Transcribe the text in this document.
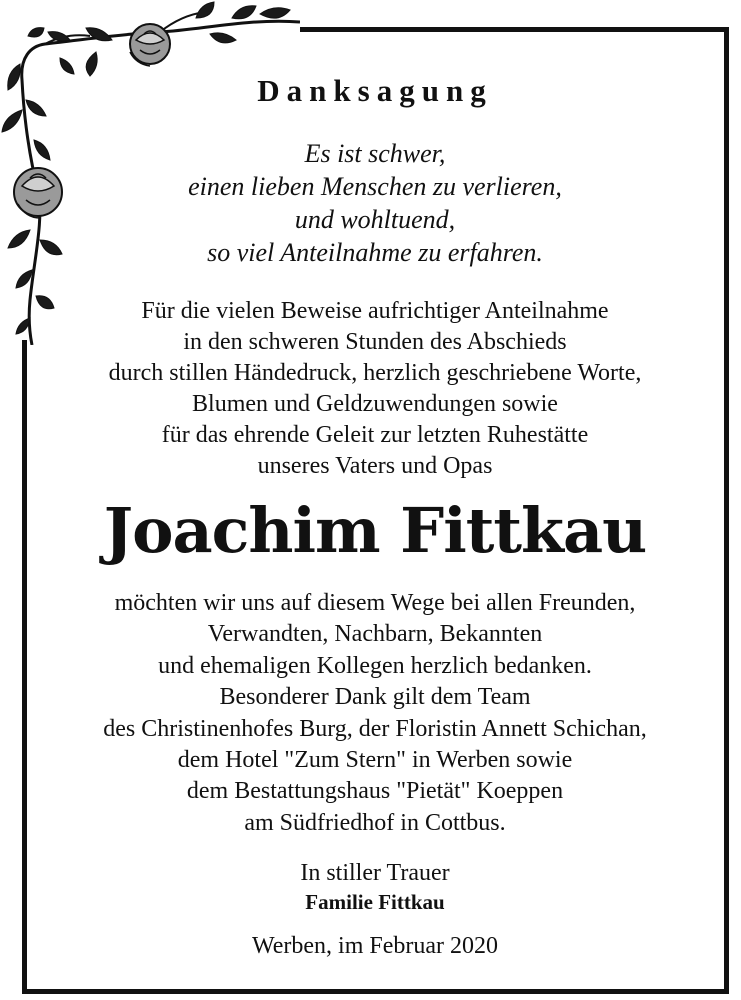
Danksagung
Es ist schwer,
einen lieben Menschen zu verlieren,
und wohltuend,
so viel Anteilnahme zu erfahren.
Für die vielen Beweise aufrichtiger Anteilnahme
in den schweren Stunden des Abschieds
durch stillen Händedruck, herzlich geschriebene Worte,
Blumen und Geldzuwendungen sowie
für das ehrende Geleit zur letzten Ruhestätte
unseres Vaters und Opas
Joachim Fittkau
möchten wir uns auf diesem Wege bei allen Freunden,
Verwandten, Nachbarn, Bekannten
und ehemaligen Kollegen herzlich bedanken.
Besonderer Dank gilt dem Team
des Christinenhofes Burg, der Floristin Annett Schichan,
dem Hotel "Zum Stern" in Werben sowie
dem Bestattungshaus "Pietät" Koeppen
am Südfriedhof in Cottbus.
In stiller Trauer
Familie Fittkau
Werben, im Februar 2020
